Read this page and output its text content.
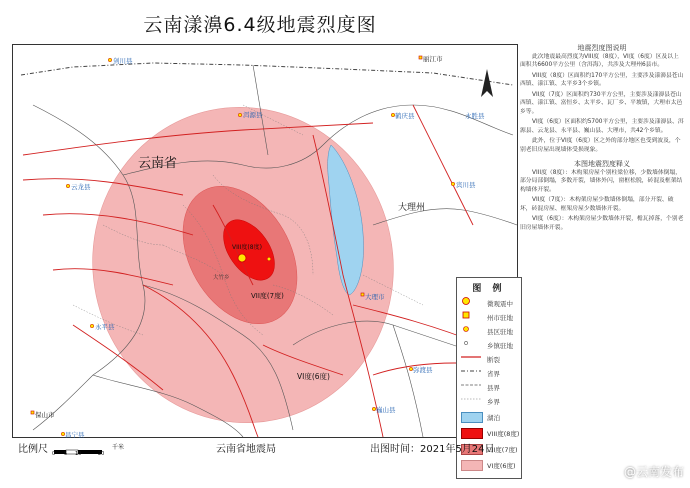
云南漾濞6.4级地震烈度图
云南省
大理州
VIII度(8度)
VII度(7度)
VI度(6度)
剑川县	丽江市
洱源县	鹤庆县	永胜县
云龙县	宾川县
大理市
永平县
弥渡县
巍山县
保山市
昌宁县
大竹乡
图 例
微观震中
州市驻地
县区驻地
乡镇驻地
断裂
省界
县界
乡界
湖泊
VIII度(8度)
VII度(7度)
VI度(6度)
地震烈度图说明

此次地震最高烈度为VIII度（8度），VI度（6度）区及以上面积共6600平方公里（含洱海），共涉及大理州6县市。

VIII度（8度）区面积约170平方公里，主要涉及漾濞县苍山西镇、漾江镇、太平乡3个乡镇。

VII度（7度）区面积约730平方公里，主要涉及漾濞县苍山西镇、漾江镇、富恒乡、太平乡、瓦厂乡、平坡镇，大理市太邑乡等。

VI度（6度）区面积约5700平方公里，主要涉及漾濞县、洱源县、云龙县、永平县、巍山县、大理市，共42个乡镇。

此外，位于VI度（6度）区之外的部分地区也受到波及，个别老旧房屋出现墙体受损现象。

本图地震烈度释义

VIII度（8度）：木构架房屋个别柱梁位移，少数墙体倒塌，部分局部倒塌，多数开裂，墙体外闪，窗框松脱，砖混及框架结构墙体开裂。

VII度（7度）：木构架房屋少数墙体倒塌，部分开裂、破坏，砖混房屋、框架房屋少数墙体开裂。

VI度（6度）：木构架房屋少数墙体开裂，檐瓦掉落，个别老旧房屋墙体开裂。

比例尺 0 5 10	20
千米	云南省地震局	出图时间：2021年5月24日
@云南发布
